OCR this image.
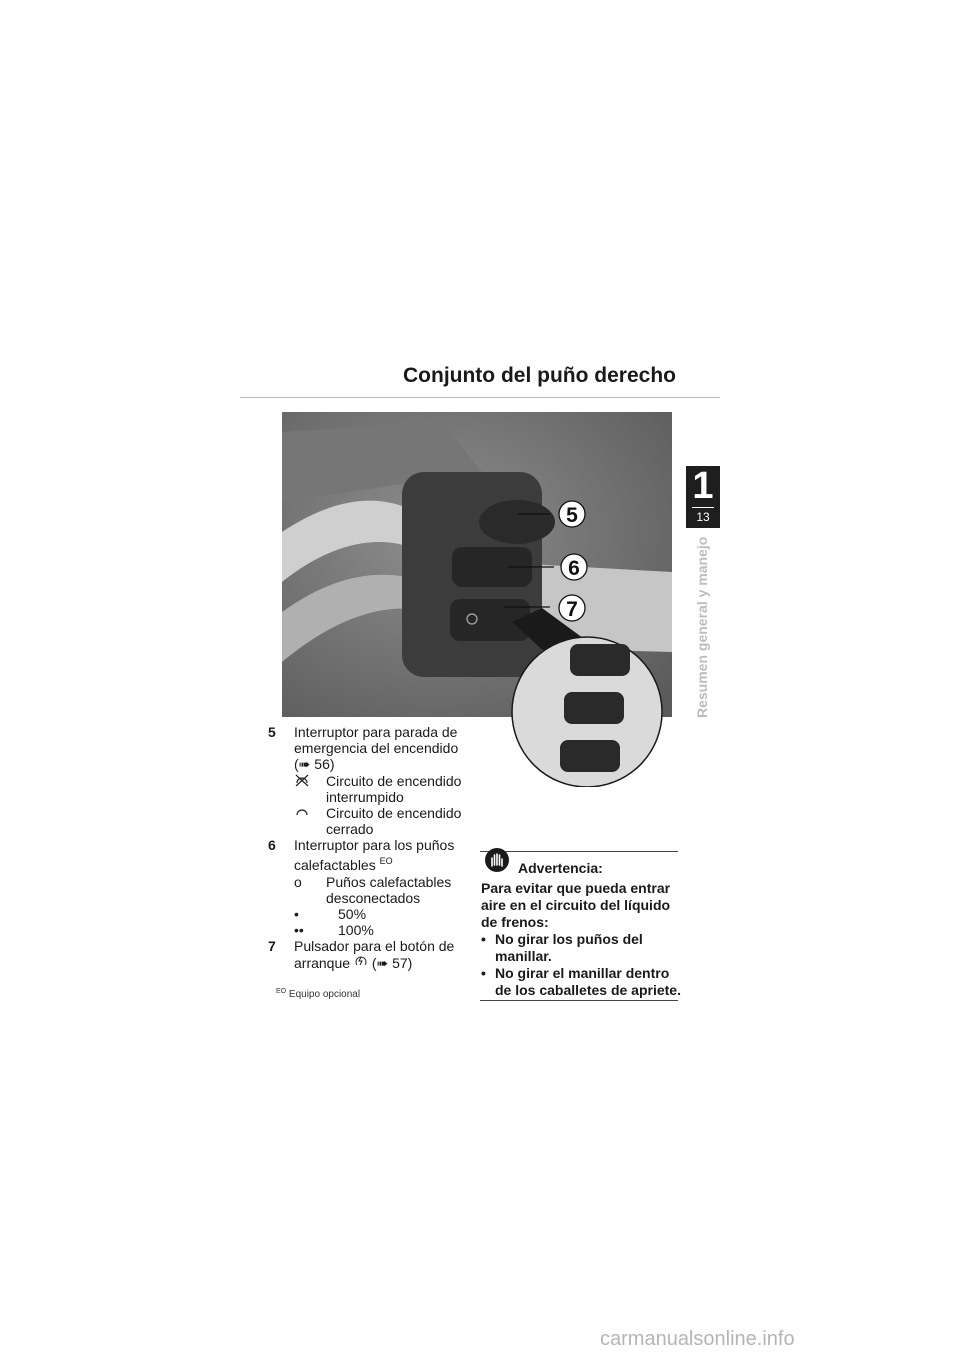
Conjunto del puño derecho
1
13
Resumen general y manejo
5
6
7
5 Interruptor para parada de emergencia del encendido (➠ 56)
Circuito de encendido interrumpido
Circuito de encendido cerrado
6 Interruptor para los puños calefactables $^{EO}$
o	Puños calefactables desconectados
•	50%
••	100%
7 Pulsador para el botón de arranque (➠ 57)
$^{EO}$ Equipo opcional
Advertencia:

Para evitar que pueda entrar aire en el circuito del líquido de frenos:

• No girar los puños del manillar.
• No girar el manillar dentro de los caballetes de apriete.
carmanualsonline.info
